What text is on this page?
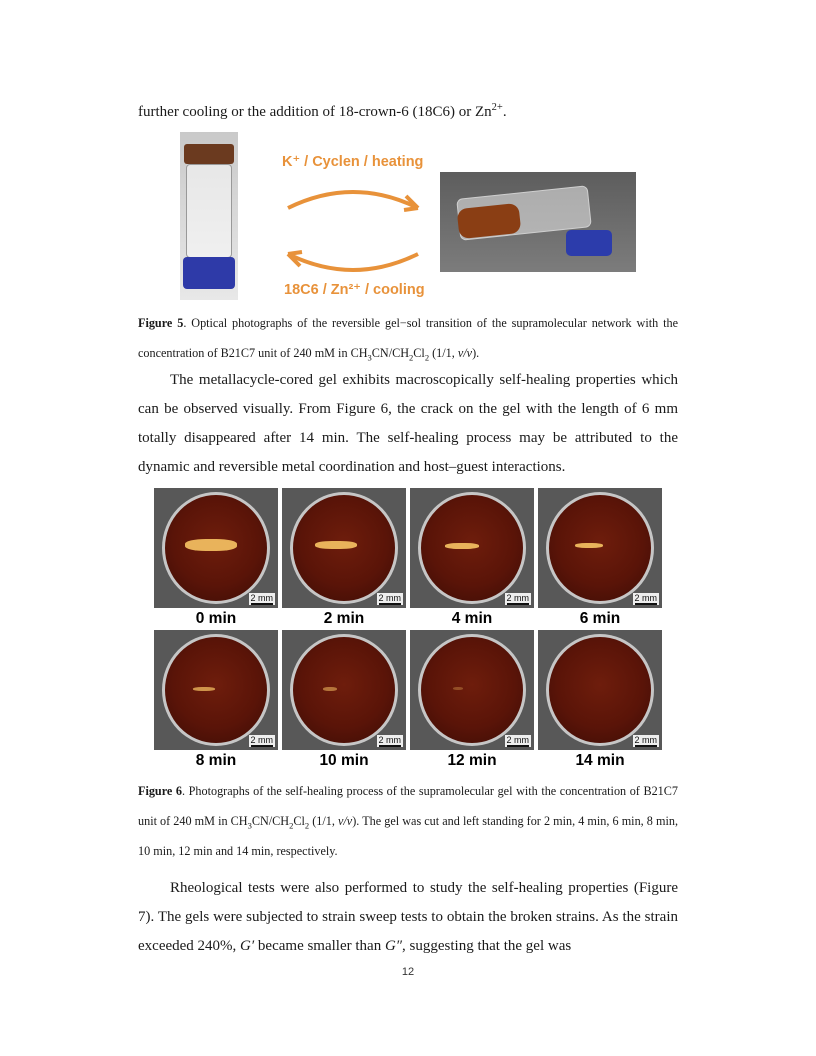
further cooling or the addition of 18-crown-6 (18C6) or $Zn^{2+}$.

K⁺ / Cyclen / heating
18C6 / Zn²⁺ / cooling

Figure 5. Optical photographs of the reversible gel−sol transition of the supramolecular network with the concentration of B21C7 unit of 240 mM in $CH_3CN/CH_2Cl_2$ (1/1, v/v).

The metallacycle-cored gel exhibits macroscopically self-healing properties which can be observed visually. From Figure 6, the crack on the gel with the length of 6 mm totally disappeared after 14 min. The self-healing process may be attributed to the dynamic and reversible metal coordination and host–guest interactions.

2 mm	2 mm	2 mm	2 mm
0 min	2 min	4 min	6 min
2 mm	2 mm	2 mm	2 mm
8 min	10 min	12 min	14 min

Figure 6. Photographs of the self-healing process of the supramolecular gel with the concentration of B21C7 unit of 240 mM in $CH_3CN/CH_2Cl_2$ (1/1, v/v). The gel was cut and left standing for 2 min, 4 min, 6 min, 8 min, 10 min, 12 min and 14 min, respectively.

Rheological tests were also performed to study the self-healing properties (Figure 7). The gels were subjected to strain sweep tests to obtain the broken strains. As the strain exceeded 240%, G′ became smaller than G″, suggesting that the gel was

12
